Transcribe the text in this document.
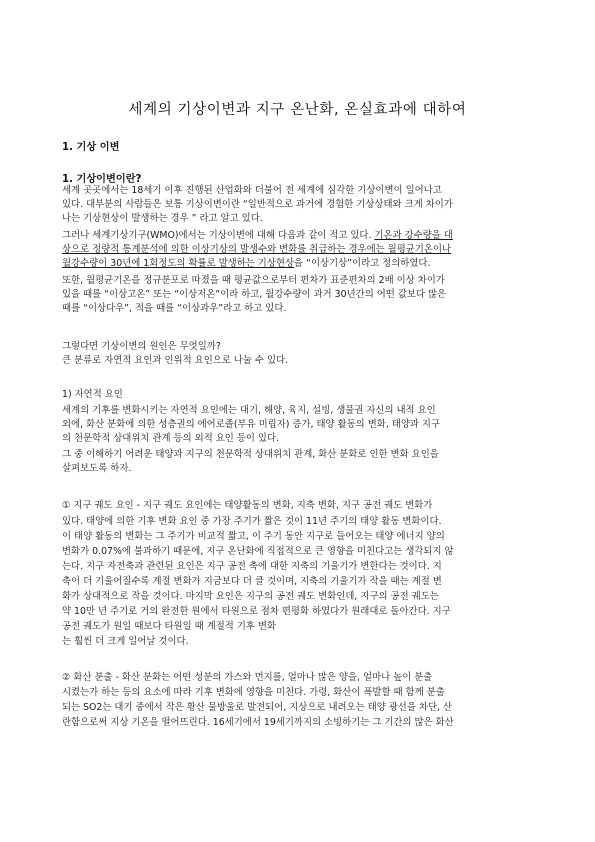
세계의 기상이변과 지구 온난화, 온실효과에 대하여
1. 기상 이변
1. 기상이변이란?
세계 곳곳에서는 18세기 이후 진행된 산업화와 더불어 전 세계에 심각한 기상이변이 일어나고
있다. 대부분의 사람들은 보통 기상이변이란 “일반적으로 과거에 경험한 기상상태와 크게 차이가
나는 기상현상이 발생하는 경우 ” 라고 알고 있다.
그러나 세계기상기구(WMO)에서는 기상이변에 대해 다음과 같이 적고 있다. 기온과 강수량을 대
상으로 정량적 통계분석에 의한 이상기상의 발생수와 변화를 취급하는 경우에는 월평균기온이나
월강수량이 30년에 1회정도의 확률로 발생하는 기상현상을 “이상기상”이라고 정의하였다.
또한, 월평균기온을 정규분포로 따졌을 때 평균값으로부터 편차가 표준편차의 2배 이상 차이가
있을 때를 “이상고온” 또는 “이상저온”이라 하고, 월강수량이 과거 30년간의 어떤 값보다 많은
때를 “이상다우”, 적을 때를 “이상과우”라고 하고 있다.
그렇다면 기상이변의 원인은 무엇일까?
큰 분류로 자연적 요인과 인위적 요인으로 나눌 수 있다.
1) 자연적 요인
세계의 기후를 변화시키는 자연적 요인에는 대기, 해양, 육지, 설빙, 생물권 자신의 내적 요인
외에, 화산 분화에 의한 성층권의 에어로졸(부유 미립자) 증가, 태양 활동의 변화, 태양과 지구
의 천문학적 상대위치 관계 등의 외적 요인 등이 있다.
그 중 이해하기 어려운 태양과 지구의 천문학적 상대위치 관계, 화산 분화로 인한 변화 요인을
살펴보도록 하자.
① 지구 궤도 요인 - 지구 궤도 요인에는 태양활동의 변화, 지축 변화, 지구 공전 궤도 변화가
있다. 태양에 의한 기후 변화 요인 중 가장 주기가 짧은 것이 11년 주기의 태양 활동 변화이다.
이 태양 활동의 변화는 그 주기가 비교적 짧고, 이 주기 동안 지구로 들어오는 태양 에너지 양의
변화가 0.07%에 불과하기 때문에, 지구 온난화에 직접적으로 큰 영향을 미친다고는 생각되지 않
는다. 지구 자전축과 관련된 요인은 지구 공전 축에 대한 지축의 기울기가 변한다는 것이다. 지
축이 더 기울어질수록 계절 변화가 지금보다 더 클 것이며, 지축의 기울기가 작을 때는 계절 변
화가 상대적으로 작을 것이다. 마지막 요인은 지구의 공전 궤도 변화인데, 지구의 공전 궤도는
약 10만 년 주기로 거의 완전한 원에서 타원으로 점차 편평화 하였다가 원래대로 돌아간다. 지구
공전 궤도가 원일 때보다 타원일 때 계절적 기후 변화
는 훨씬 더 크게 일어날 것이다.
② 화산 분출 - 화산 분화는 어떤 성분의 가스와 먼지를, 얼마나 많은 양을, 얼마나 높이 분출
시켰는가 하는 등의 요소에 따라 기후 변화에 영향을 미친다. 가령, 화산이 폭발할 때 함께 분출
되는 SO2는 대기 중에서 작은 황산 물방울로 발전되어, 지상으로 내려오는 태양 광선을 차단, 산
란함으로써 지상 기온을 떨어뜨린다. 16세기에서 19세기까지의 소빙하기는 그 기간의 많은 화산
